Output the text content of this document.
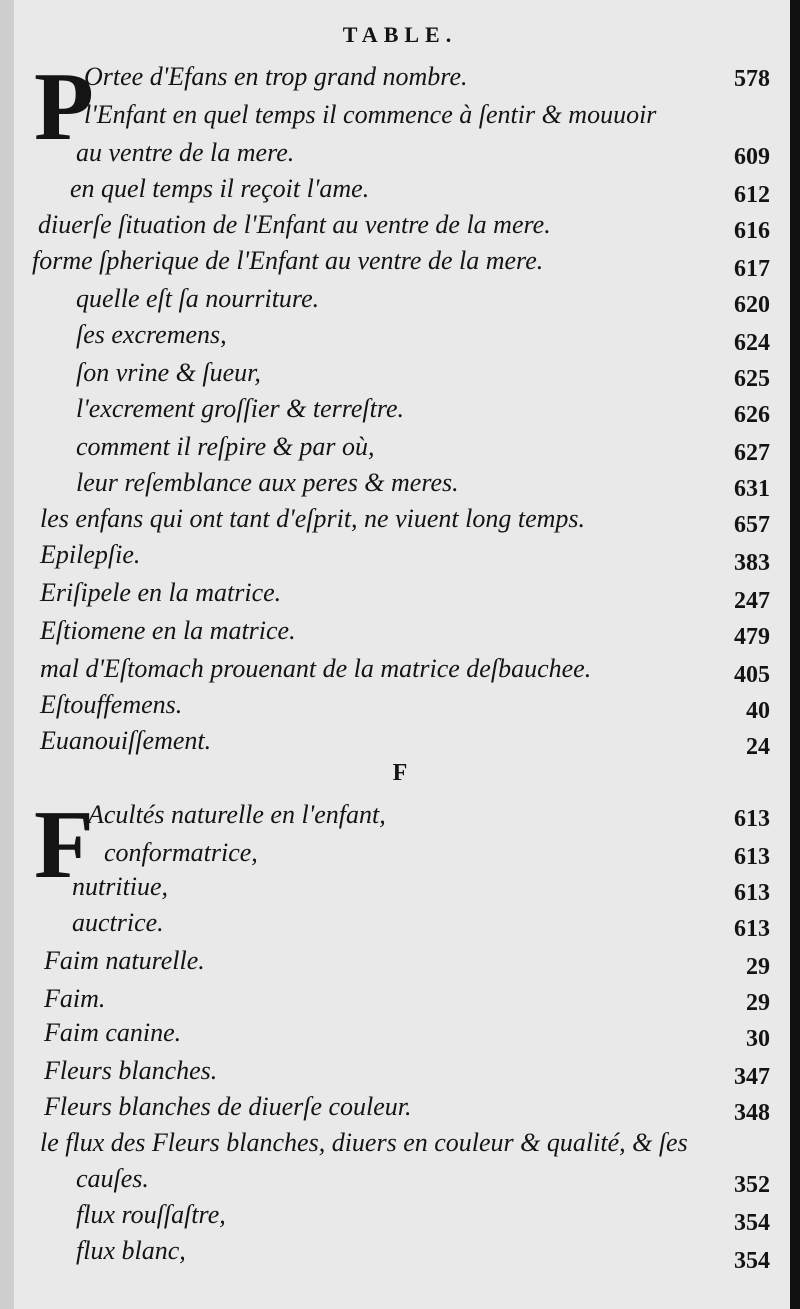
TABLE.
P
Ortee d'Efans en trop grand nombre.	578
l'Enfant en quel temps il commence à ſentir & mouuoir
au ventre de la mere.	609
en quel temps il reçoit l'ame.	612
diuerſe ſituation de l'Enfant au ventre de la mere.	616
forme ſpherique de l'Enfant au ventre de la mere.	617
quelle eſt ſa nourriture.	620
ſes excremens,	624
ſon vrine & ſueur,	625
l'excrement groſſier & terreſtre.	626
comment il reſpire & par où,	627
leur reſemblance aux peres & meres.	631
les enfans qui ont tant d'eſprit, ne viuent long temps.	657
Epilepſie.	383
Eriſipele en la matrice.	247
Eſtiomene en la matrice.	479
mal d'Eſtomach prouenant de la matrice deſbauchee.	405
Eſtouffemens.	40
Euanouiſſement.	24
F
F
Acultés naturelle en l'enfant,	613
conformatrice,	613
nutritiue,	613
auctrice.	613
Faim naturelle.	29
Faim.	29
Faim canine.	30
Fleurs blanches.	347
Fleurs blanches de diuerſe couleur.	348
le flux des Fleurs blanches, diuers en couleur & qualité, & ſes
cauſes.	352
flux rouſſaſtre,	354
flux blanc,	354
